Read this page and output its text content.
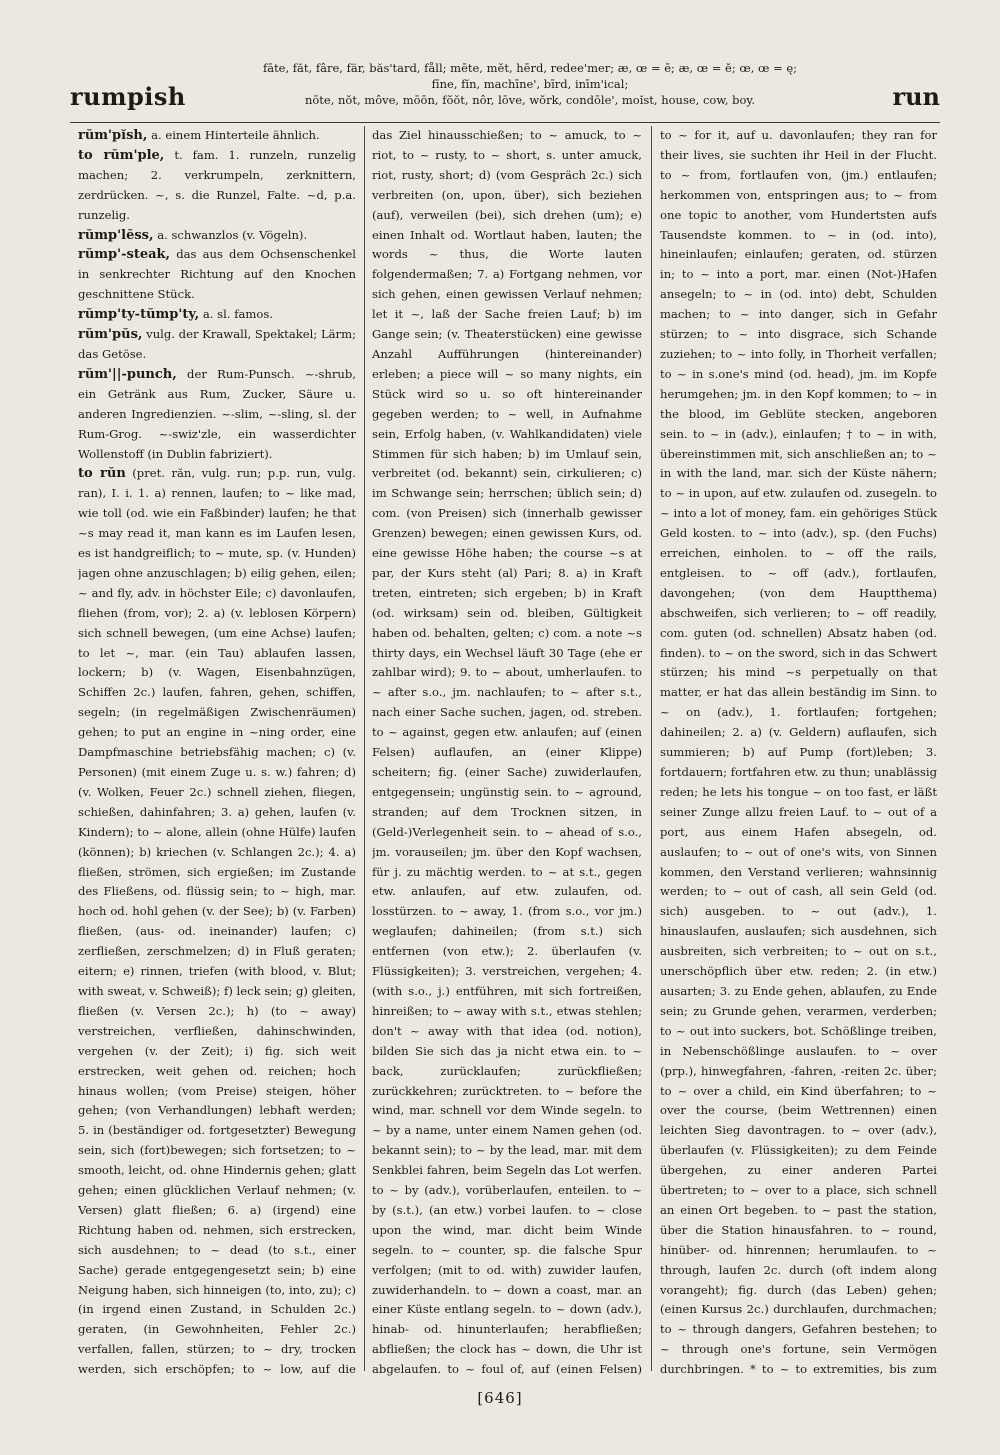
rumpish
fāte, făt, fâre, fär, băs'tard, fåll; mēte, mĕt, hērd, redee'mer; æ, œ = ē; æ, œ = ĕ; œ, œ = ę;
fīne, fĭn, machīne', bīrd, inīm'ical;
nōte, nŏt, môve, mōōn, fŏŏt, nôr, lōve, wŏrk, condōle', moĭst, house, cow, boy.	run

rŭm'pĭsh, a. einem Hinterteile ähnlich.

to rŭm'ple, t. fam. 1. runzeln, runzelig machen; 2. verkrumpeln, zerknittern, zerdrücken. ~, s. die Runzel, Falte. ~d, p.a. runzelig.

rŭmp'lĕss, a. schwanzlos (v. Vögeln).

rŭmp'-steak, das aus dem Ochsenschenkel in senkrechter Richtung auf den Knochen geschnittene Stück.

rŭmp'ty-tŭmp'ty, a. sl. famos.

rŭm'pŭs, vulg. der Krawall, Spektakel; Lärm; das Getöse.

rŭm'||-punch, der Rum-Punsch. ~-shrub, ein Getränk aus Rum, Zucker, Säure u. anderen Ingredienzien. ~-slim, ~-sling, sl. der Rum-Grog. ~-swiz'zle, ein wasserdichter Wollenstoff (in Dublin fabriziert).

to rŭn (pret. răn, vulg. run; p.p. run, vulg. ran), I. i. 1. a) rennen, laufen; to ~ like mad, wie toll (od. wie ein Faßbinder) laufen; he that ~s may read it, man kann es im Laufen lesen, es ist handgreiflich; to ~ mute, sp. (v. Hunden) jagen ohne anzuschlagen; b) eilig gehen, eilen; ~ and fly, adv. in höchster Eile; c) davonlaufen, fliehen (from, vor); 2. a) (v. leblosen Körpern) sich schnell bewegen, (um eine Achse) laufen; to let ~, mar. (ein Tau) ablaufen lassen, lockern; b) (v. Wagen, Eisenbahnzügen, Schiffen 2c.) laufen, fahren, gehen, schiffen, segeln; (in regelmäßigen Zwischenräumen) gehen; to put an engine in ~ning order, eine Dampfmaschine betriebsfähig machen; c) (v. Personen) (mit einem Zuge u. s. w.) fahren; d) (v. Wolken, Feuer 2c.) schnell ziehen, fliegen, schießen, dahinfahren; 3. a) gehen, laufen (v. Kindern); to ~ alone, allein (ohne Hülfe) laufen (können); b) kriechen (v. Schlangen 2c.); 4. a) fließen, strömen, sich ergießen; im Zustande des Fließens, od. flüssig sein; to ~ high, mar. hoch od. hohl gehen (v. der See); b) (v. Farben) fließen, (aus- od. ineinander) laufen; c) zerfließen, zerschmelzen; d) in Fluß geraten; eitern; e) rinnen, triefen (with blood, v. Blut; with sweat, v. Schweiß); f) leck sein; g) gleiten, fließen (v. Versen 2c.); h) (to ~ away) verstreichen, verfließen, dahinschwinden, vergehen (v. der Zeit); i) fig. sich weit erstrecken, weit gehen od. reichen; hoch hinaus wollen; (vom Preise) steigen, höher gehen; (von Verhandlungen) lebhaft werden; 5. in (beständiger od. fortgesetzter) Bewegung sein, sich (fort)bewegen; sich fortsetzen; to ~ smooth, leicht, od. ohne Hindernis gehen; glatt gehen; einen glücklichen Verlauf nehmen; (v. Versen) glatt fließen; 6. a) (irgend) eine Richtung haben od. nehmen, sich erstrecken, sich ausdehnen; to ~ dead (to s.t., einer Sache) gerade entgegengesetzt sein; b) eine Neigung haben, sich hinneigen (to, into, zu); c) (in irgend einen Zustand, in Schulden 2c.) geraten, (in Gewohnheiten, Fehler 2c.) verfallen, fallen, stürzen; to ~ dry, trocken werden, sich erschöpfen; to ~ low, auf die

das Ziel hinausschießen; to ~ amuck, to ~ riot, to ~ rusty, to ~ short, s. unter amuck, riot, rusty, short; d) (vom Gespräch 2c.) sich verbreiten (on, upon, über), sich beziehen (auf), verweilen (bei), sich drehen (um); e) einen Inhalt od. Wortlaut haben, lauten; the words ~ thus, die Worte lauten folgendermaßen; 7. a) Fortgang nehmen, vor sich gehen, einen gewissen Verlauf nehmen; let it ~, laß der Sache freien Lauf; b) im Gange sein; (v. Theaterstücken) eine gewisse Anzahl Aufführungen (hintereinander) erleben; a piece will ~ so many nights, ein Stück wird so u. so oft hintereinander gegeben werden; to ~ well, in Aufnahme sein, Erfolg haben, (v. Wahlkandidaten) viele Stimmen für sich haben; b) im Umlauf sein, verbreitet (od. bekannt) sein, cirkulieren; c) im Schwange sein; herrschen; üblich sein; d) com. (von Preisen) sich (innerhalb gewisser Grenzen) bewegen; einen gewissen Kurs, od. eine gewisse Höhe haben; the course ~s at par, der Kurs steht (al) Pari; 8. a) in Kraft treten, eintreten; sich ergeben; b) in Kraft (od. wirksam) sein od. bleiben, Gültigkeit haben od. behalten, gelten; c) com. a note ~s thirty days, ein Wechsel läuft 30 Tage (ehe er zahlbar wird); 9. to ~ about, umherlaufen. to ~ after s.o., jm. nachlaufen; to ~ after s.t., nach einer Sache suchen, jagen, od. streben. to ~ against, gegen etw. anlaufen; auf (einen Felsen) auflaufen, an (einer Klippe) scheitern; fig. (einer Sache) zuwiderlaufen, entgegensein; ungünstig sein. to ~ aground, stranden; auf dem Trocknen sitzen, in (Geld-)Verlegenheit sein. to ~ ahead of s.o., jm. vorauseilen; jm. über den Kopf wachsen, für j. zu mächtig werden. to ~ at s.t., gegen etw. anlaufen, auf etw. zulaufen, od. losstürzen. to ~ away, 1. (from s.o., vor jm.) weglaufen; dahineilen; (from s.t.) sich entfernen (von etw.); 2. überlaufen (v. Flüssigkeiten); 3. verstreichen, vergehen; 4. (with s.o., j.) entführen, mit sich fortreißen, hinreißen; to ~ away with s.t., etwas stehlen; don't ~ away with that idea (od. notion), bilden Sie sich das ja nicht etwa ein. to ~ back, zurücklaufen; zurückfließen; zurückkehren; zurücktreten. to ~ before the wind, mar. schnell vor dem Winde segeln. to ~ by a name, unter einem Namen gehen (od. bekannt sein); to ~ by the lead, mar. mit dem Senkblei fahren, beim Segeln das Lot werfen. to ~ by (adv.), vorüberlaufen, enteilen. to ~ by (s.t.), (an etw.) vorbei laufen. to ~ close upon the wind, mar. dicht beim Winde segeln. to ~ counter, sp. die falsche Spur verfolgen; (mit to od. with) zuwider laufen, zuwiderhandeln. to ~ down a coast, mar. an einer Küste entlang segeln. to ~ down (adv.), hinab- od. hinunterlaufen; herabfließen; abfließen; the clock has ~ down, die Uhr ist abgelaufen. to ~ foul of, auf (einen Felsen)

to ~ for it, auf u. davonlaufen; they ran for their lives, sie suchten ihr Heil in der Flucht. to ~ from, fortlaufen von, (jm.) entlaufen; herkommen von, entspringen aus; to ~ from one topic to another, vom Hundertsten aufs Tausendste kommen. to ~ in (od. into), hineinlaufen; einlaufen; geraten, od. stürzen in; to ~ into a port, mar. einen (Not-)Hafen ansegeln; to ~ in (od. into) debt, Schulden machen; to ~ into danger, sich in Gefahr stürzen; to ~ into disgrace, sich Schande zuziehen; to ~ into folly, in Thorheit verfallen; to ~ in s.one's mind (od. head), jm. im Kopfe herumgehen; jm. in den Kopf kommen; to ~ in the blood, im Geblüte stecken, angeboren sein. to ~ in (adv.), einlaufen; † to ~ in with, übereinstimmen mit, sich anschließen an; to ~ in with the land, mar. sich der Küste nähern; to ~ in upon, auf etw. zulaufen od. zusegeln. to ~ into a lot of money, fam. ein gehöriges Stück Geld kosten. to ~ into (adv.), sp. (den Fuchs) erreichen, einholen. to ~ off the rails, entgleisen. to ~ off (adv.), fortlaufen, davongehen; (von dem Hauptthema) abschweifen, sich verlieren; to ~ off readily, com. guten (od. schnellen) Absatz haben (od. finden). to ~ on the sword, sich in das Schwert stürzen; his mind ~s perpetually on that matter, er hat das allein beständig im Sinn. to ~ on (adv.), 1. fortlaufen; fortgehen; dahineilen; 2. a) (v. Geldern) auflaufen, sich summieren; b) auf Pump (fort)leben; 3. fortdauern; fortfahren etw. zu thun; unablässig reden; he lets his tongue ~ on too fast, er läßt seiner Zunge allzu freien Lauf. to ~ out of a port, aus einem Hafen absegeln, od. auslaufen; to ~ out of one's wits, von Sinnen kommen, den Verstand verlieren; wahnsinnig werden; to ~ out of cash, all sein Geld (od. sich) ausgeben. to ~ out (adv.), 1. hinauslaufen, auslaufen; sich ausdehnen, sich ausbreiten, sich verbreiten; to ~ out on s.t., unerschöpflich über etw. reden; 2. (in etw.) ausarten; 3. zu Ende gehen, ablaufen, zu Ende sein; zu Grunde gehen, verarmen, verderben; to ~ out into suckers, bot. Schößlinge treiben, in Nebenschößlinge auslaufen. to ~ over (prp.), hinwegfahren, -fahren, -reiten 2c. über; to ~ over a child, ein Kind überfahren; to ~ over the course, (beim Wettrennen) einen leichten Sieg davontragen. to ~ over (adv.), überlaufen (v. Flüssigkeiten); zu dem Feinde übergehen, zu einer anderen Partei übertreten; to ~ over to a place, sich schnell an einen Ort begeben. to ~ past the station, über die Station hinausfahren. to ~ round, hinüber- od. hinrennen; herumlaufen. to ~ through, laufen 2c. durch (oft indem along vorangeht); fig. durch (das Leben) gehen; (einen Kursus 2c.) durchlaufen, durchmachen; to ~ through dangers, Gefahren bestehen; to ~ through one's fortune, sein Vermögen durchbringen. * to ~ to extremities, bis zum

[646]
